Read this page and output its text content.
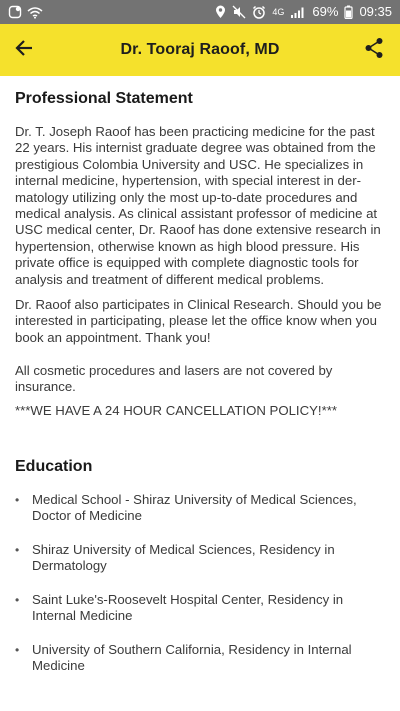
4G 69% 09:35
Dr. Tooraj Raoof, MD
Professional Statement

Dr. T. Joseph Raoof has been practicing medicine for the past 22 years. His internist graduate degree was obtained from the prestigious Colombia University and USC. He specializes in internal medicine, hypertension, with special interest in der-matology utilizing only the most up-to-date procedures and medical analysis. As clinical assistant professor of medicine at USC medical center, Dr. Raoof has done extensive research in hypertension, otherwise known as high blood pressure. His private office is equipped with complete diagnostic tools for analysis and treatment of different medical problems.

Dr. Raoof also participates in Clinical Research. Should you be interested in participating, please let the office know when you book an appointment. Thank you!

All cosmetic procedures and lasers are not covered by insurance.

***WE HAVE A 24 HOUR CANCELLATION POLICY!***

Education
• Medical School - Shiraz University of Medical Sciences, Doctor of Medicine
• Shiraz University of Medical Sciences, Residency in Dermatology
• Saint Luke's-Roosevelt Hospital Center, Residency in Internal Medicine
• University of Southern California, Residency in Internal Medicine
